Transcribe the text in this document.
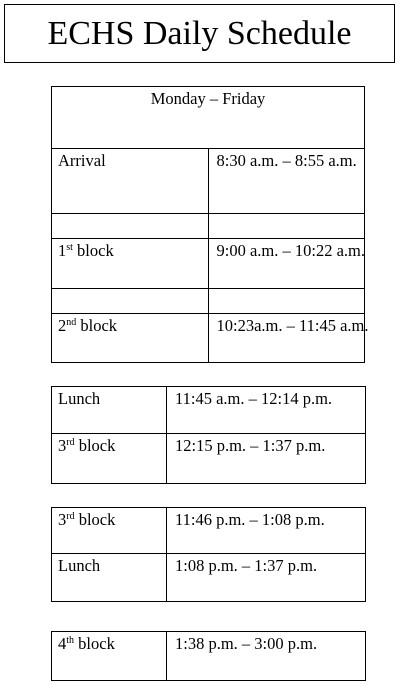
ECHS Daily Schedule
Monday – Friday	
Arrival	8:30 a.m. – 8:55 a.m.

1st block	9:00 a.m. – 10:22 a.m.

2nd block	10:23a.m. – 11:45 a.m.
Lunch	11:45 a.m. – 12:14 p.m.
3rd block	12:15 p.m. – 1:37 p.m.
3rd block	11:46 p.m. – 1:08 p.m.
Lunch	1:08 p.m. – 1:37 p.m.
4th block	1:38 p.m. – 3:00 p.m.
